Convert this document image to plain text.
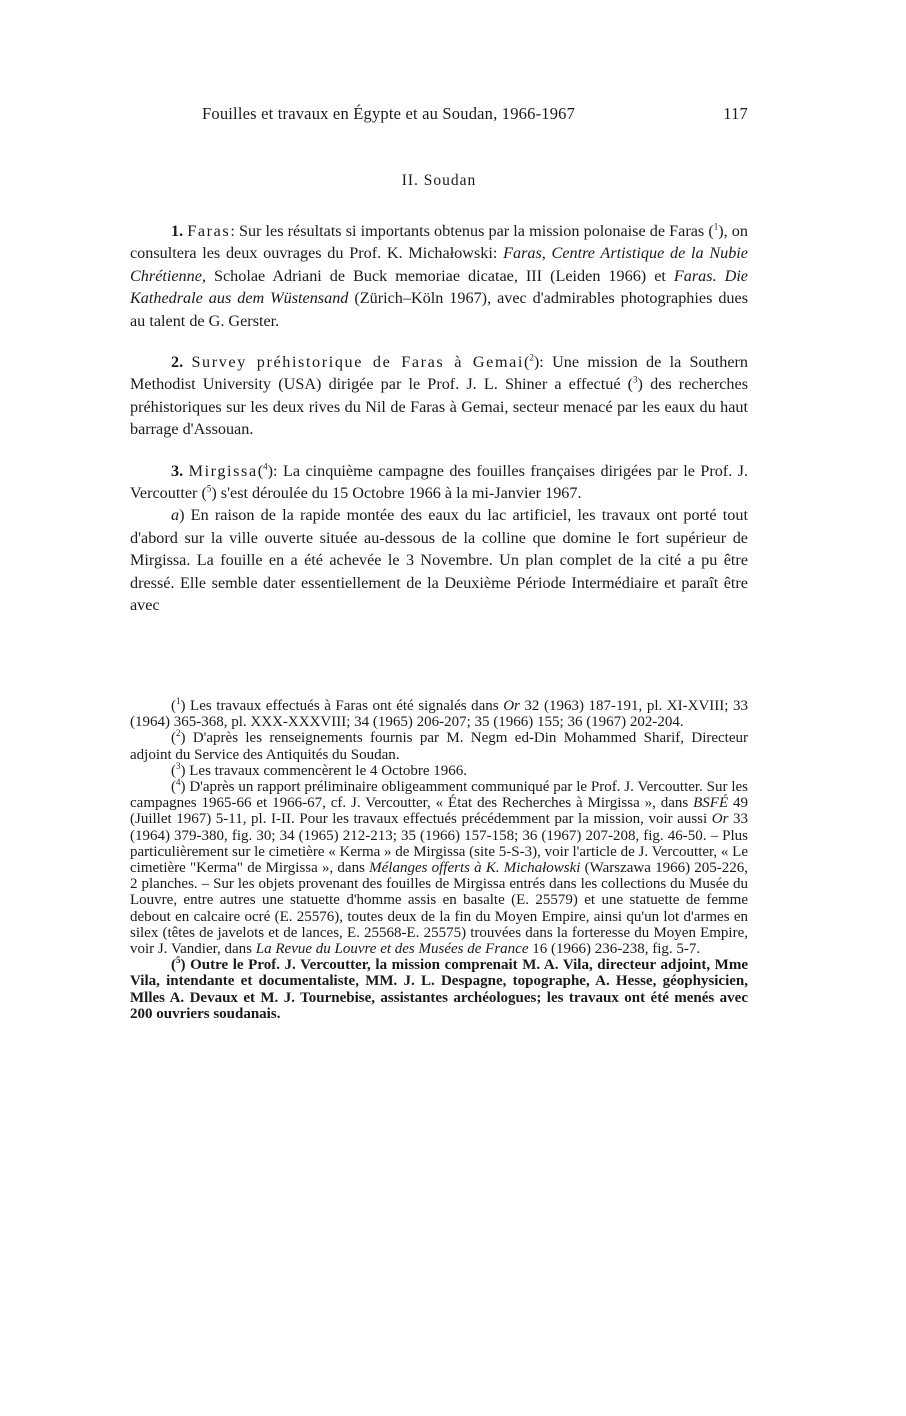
Fouilles et travaux en Égypte et au Soudan, 1966-1967	117
II. Soudan

1. Faras: Sur les résultats si importants obtenus par la mission polonaise de Faras ($^1$), on consultera les deux ouvrages du Prof. K. Michałowski: Faras, Centre Artistique de la Nubie Chrétienne, Scholae Adriani de Buck memoriae dicatae, III (Leiden 1966) et Faras. Die Kathedrale aus dem Wüstensand (Zürich–Köln 1967), avec d'admirables photographies dues au talent de G. Gerster.

2. Survey préhistorique de Faras à Gemai($^2$): Une mission de la Southern Methodist University (USA) dirigée par le Prof. J. L. Shiner a effectué ($^3$) des recherches préhistoriques sur les deux rives du Nil de Faras à Gemai, secteur menacé par les eaux du haut barrage d'Assouan.

3. Mirgissa($^4$): La cinquième campagne des fouilles françaises dirigées par le Prof. J. Vercoutter ($^5$) s'est déroulée du 15 Octobre 1966 à la mi-Janvier 1967.

a) En raison de la rapide montée des eaux du lac artificiel, les travaux ont porté tout d'abord sur la ville ouverte située au-dessous de la colline que domine le fort supérieur de Mirgissa. La fouille en a été achevée le 3 Novembre. Un plan complet de la cité a pu être dressé. Elle semble dater essentiellement de la Deuxième Période Intermédiaire et paraît être avec

($^1$) Les travaux effectués à Faras ont été signalés dans Or 32 (1963) 187-191, pl. XI-XVIII; 33 (1964) 365-368, pl. XXX-XXXVIII; 34 (1965) 206-207; 35 (1966) 155; 36 (1967) 202-204.

($^2$) D'après les renseignements fournis par M. Negm ed-Din Mohammed Sharif, Directeur adjoint du Service des Antiquités du Soudan.

($^3$) Les travaux commencèrent le 4 Octobre 1966.

($^4$) D'après un rapport préliminaire obligeamment communiqué par le Prof. J. Vercoutter. Sur les campagnes 1965-66 et 1966-67, cf. J. Vercoutter, « État des Recherches à Mirgissa », dans BSFÉ 49 (Juillet 1967) 5-11, pl. I-II. Pour les travaux effectués précédemment par la mission, voir aussi Or 33 (1964) 379-380, fig. 30; 34 (1965) 212-213; 35 (1966) 157-158; 36 (1967) 207-208, fig. 46-50. – Plus particulièrement sur le cimetière « Kerma » de Mirgissa (site 5-S-3), voir l'article de J. Vercoutter, « Le cimetière "Kerma" de Mirgissa », dans Mélanges offerts à K. Michałowski (Warszawa 1966) 205-226, 2 planches. – Sur les objets provenant des fouilles de Mirgissa entrés dans les collections du Musée du Louvre, entre autres une statuette d'homme assis en basalte (E. 25579) et une statuette de femme debout en calcaire ocré (E. 25576), toutes deux de la fin du Moyen Empire, ainsi qu'un lot d'armes en silex (têtes de javelots et de lances, E. 25568-E. 25575) trouvées dans la forteresse du Moyen Empire, voir J. Vandier, dans La Revue du Louvre et des Musées de France 16 (1966) 236-238, fig. 5-7.

($^5$) Outre le Prof. J. Vercoutter, la mission comprenait M. A. Vila, directeur adjoint, Mme Vila, intendante et documentaliste, MM. J. L. Despagne, topographe, A. Hesse, géophysicien, Mlles A. Devaux et M. J. Tournebise, assistantes archéologues; les travaux ont été menés avec 200 ouvriers soudanais.
